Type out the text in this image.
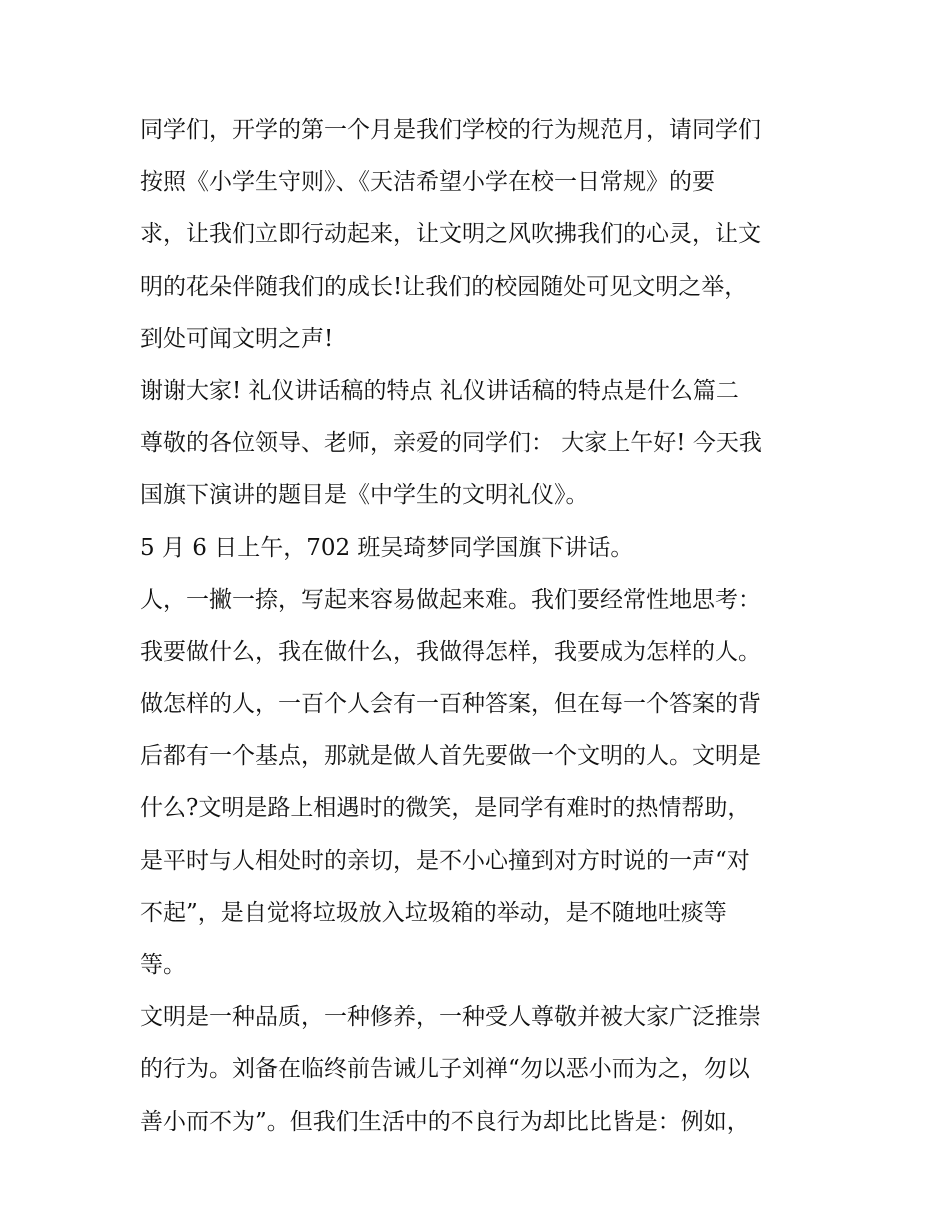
同学们，开学的第一个月是我们学校的行为规范月，请同学们
按照《小学生守则》、《天洁希望小学在校一日常规》的要
求，让我们立即行动起来，让文明之风吹拂我们的心灵，让文
明的花朵伴随我们的成长!让我们的校园随处可见文明之举，
到处可闻文明之声!
谢谢大家! 礼仪讲话稿的特点 礼仪讲话稿的特点是什么篇二
尊敬的各位领导、老师，亲爱的同学们： 大家上午好! 今天我
国旗下演讲的题目是《中学生的文明礼仪》。
5 月 6 日上午，702 班吴琦梦同学国旗下讲话。
人，一撇一捺，写起来容易做起来难。我们要经常性地思考：
我要做什么，我在做什么，我做得怎样，我要成为怎样的人。
做怎样的人，一百个人会有一百种答案，但在每一个答案的背
后都有一个基点，那就是做人首先要做一个文明的人。文明是
什么?文明是路上相遇时的微笑，是同学有难时的热情帮助，
是平时与人相处时的亲切，是不小心撞到对方时说的一声“对
不起”，是自觉将垃圾放入垃圾箱的举动，是不随地吐痰等
等。
文明是一种品质，一种修养，一种受人尊敬并被大家广泛推崇
的行为。刘备在临终前告诫儿子刘禅“勿以恶小而为之，勿以
善小而不为”。但我们生活中的不良行为却比比皆是：例如，
